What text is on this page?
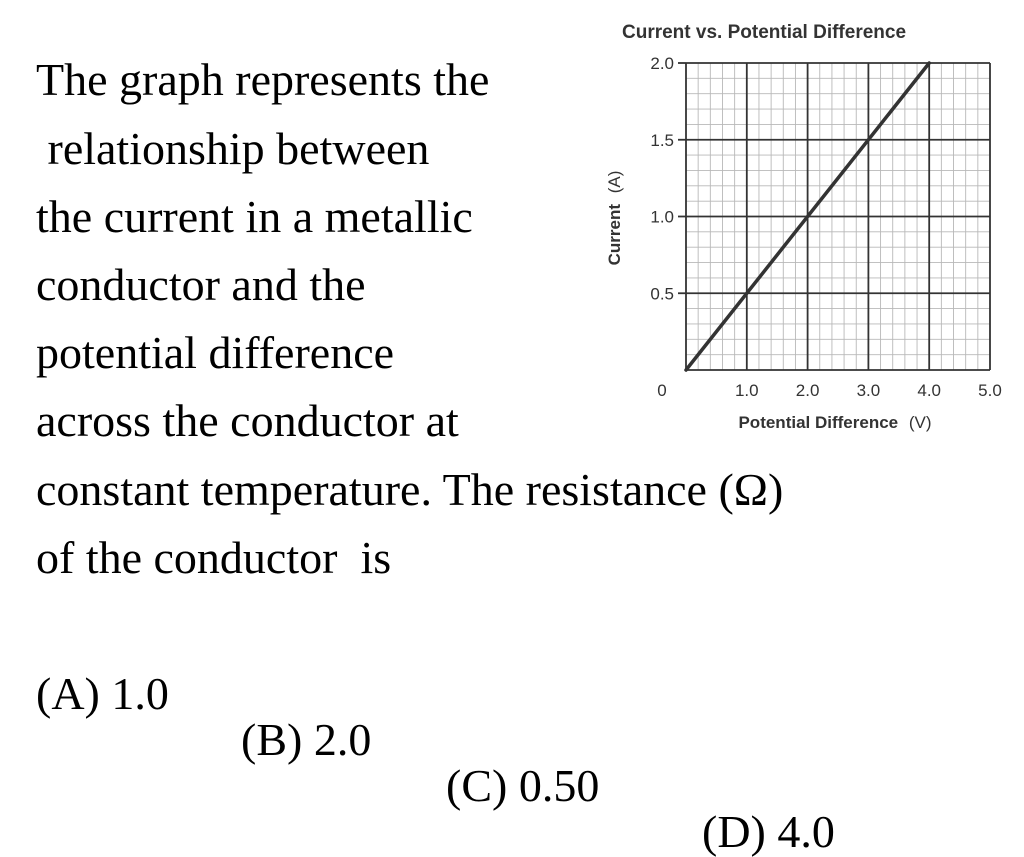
The graph represents the

relationship between

the current in a metallic

conductor and the

potential difference

across the conductor at

constant temperature. The resistance (Ω)

of the conductor  is

(A) 1.0

(B) 2.0

(C) 0.50

(D) 4.0

Current vs. Potential Difference
0.5
1.0
1.5
2.0
1.0 2.0 3.0 4.0 5.0
0
Potential Difference (V)
Current (A)
